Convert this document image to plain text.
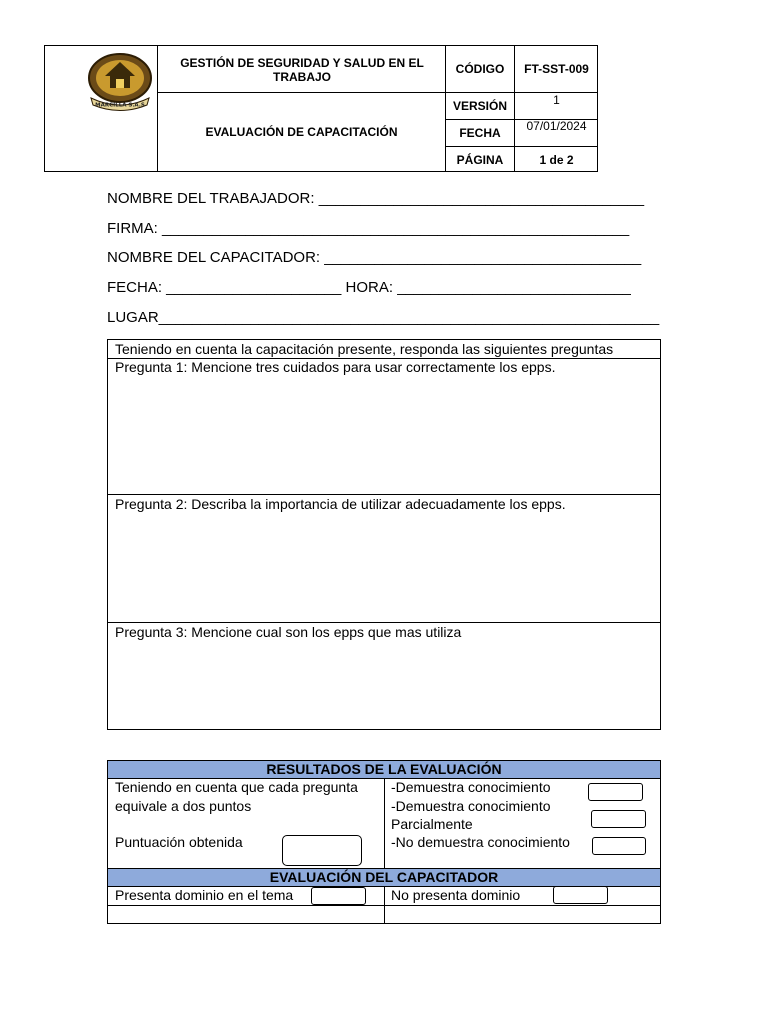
GESTIÓN DE SEGURIDAD Y SALUD EN EL TRABAJO
EVALUACIÓN DE CAPACITACIÓN
CÓDIGO	FT-SST-009
VERSIÓN	1
FECHA	07/01/2024
PÁGINA	1 de 2
MARCILLA S.A.S
NOMBRE DEL TRABAJADOR: _______________________________________
FIRMA: ________________________________________________________
NOMBRE DEL CAPACITADOR: ______________________________________
FECHA: _____________________ HORA: ____________________________
LUGAR____________________________________________________________
Teniendo en cuenta la capacitación presente, responda las siguientes preguntas
Pregunta 1: Mencione tres cuidados para usar correctamente los epps.
Pregunta 2: Describa la importancia de utilizar adecuadamente los epps.
Pregunta 3: Mencione cual son los epps que mas utiliza
RESULTADOS DE LA EVALUACIÓN
Teniendo en cuenta que cada pregunta
equivale a dos puntos
Puntuación obtenida
-Demuestra conocimiento
-Demuestra conocimiento
Parcialmente
-No demuestra conocimiento
EVALUACIÓN DEL CAPACITADOR
Presenta dominio en el tema	No presenta dominio
